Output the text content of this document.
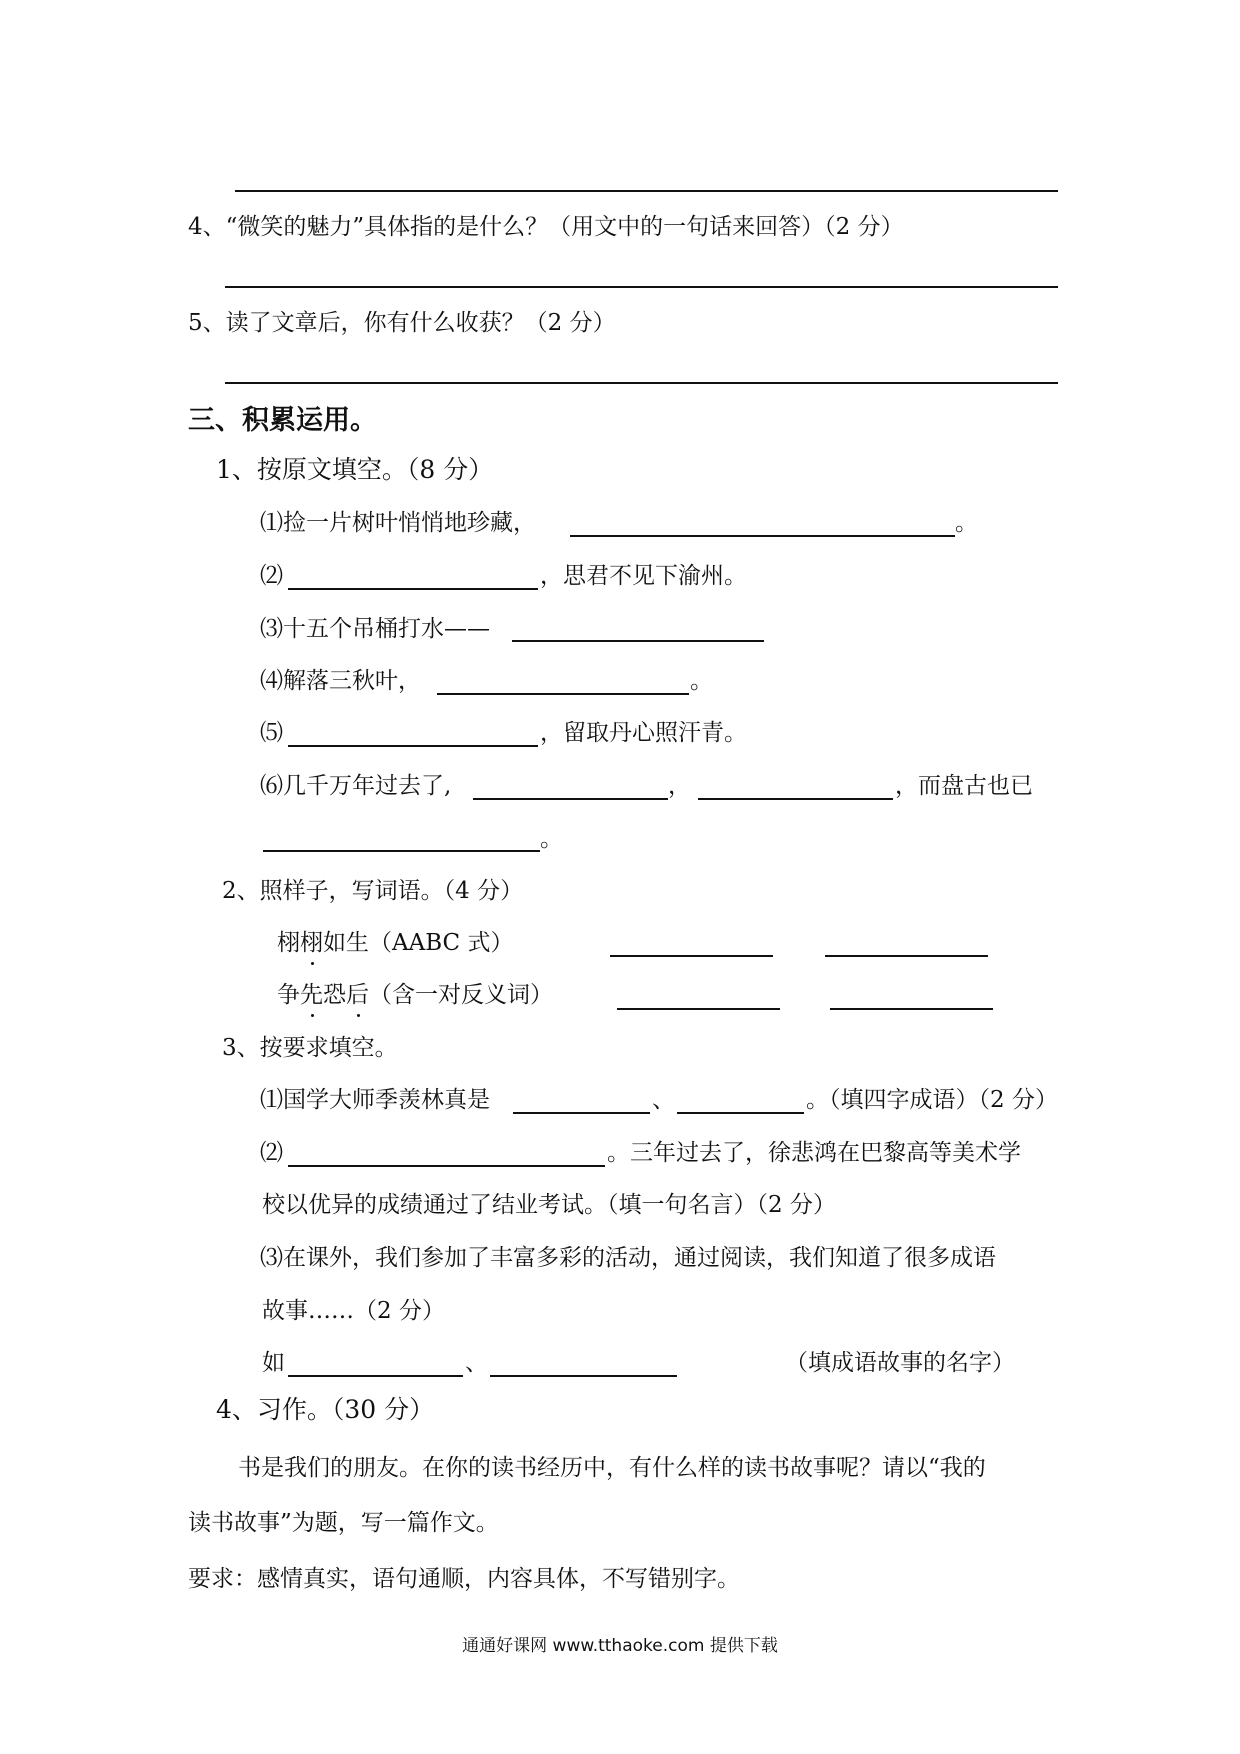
4、“微笑的魅力”具体指的是什么？（用文中的一句话来回答）（2 分）
5、读了文章后，你有什么收获？（2 分）
三、积累运用。
1、按原文填空。（8 分）
⑴捡一片树叶悄悄地珍藏，	。
⑵	，思君不见下渝州。
⑶十五个吊桶打水——
⑷解落三秋叶，	。
⑸	，留取丹心照汗青。
⑹几千万年过去了,	，	，而盘古也已
。
2、照样子，写词语。（4 分）
栩栩如生（AABC 式）
争先恐后（含一对反义词）
3、按要求填空。
⑴国学大师季羡林真是	、	。（填四字成语）（2 分）
⑵	。三年过去了，徐悲鸿在巴黎高等美术学
校以优异的成绩通过了结业考试。（填一句名言）（2 分）
⑶在课外，我们参加了丰富多彩的活动，通过阅读，我们知道了很多成语
故事……（2 分）
如	、	（填成语故事的名字）
4、习作。（30 分）
书是我们的朋友。在你的读书经历中，有什么样的读书故事呢？请以“我的
读书故事”为题，写一篇作文。
要求：感情真实，语句通顺，内容具体，不写错别字。
通通好课网 www.tthaoke.com 提供下载
